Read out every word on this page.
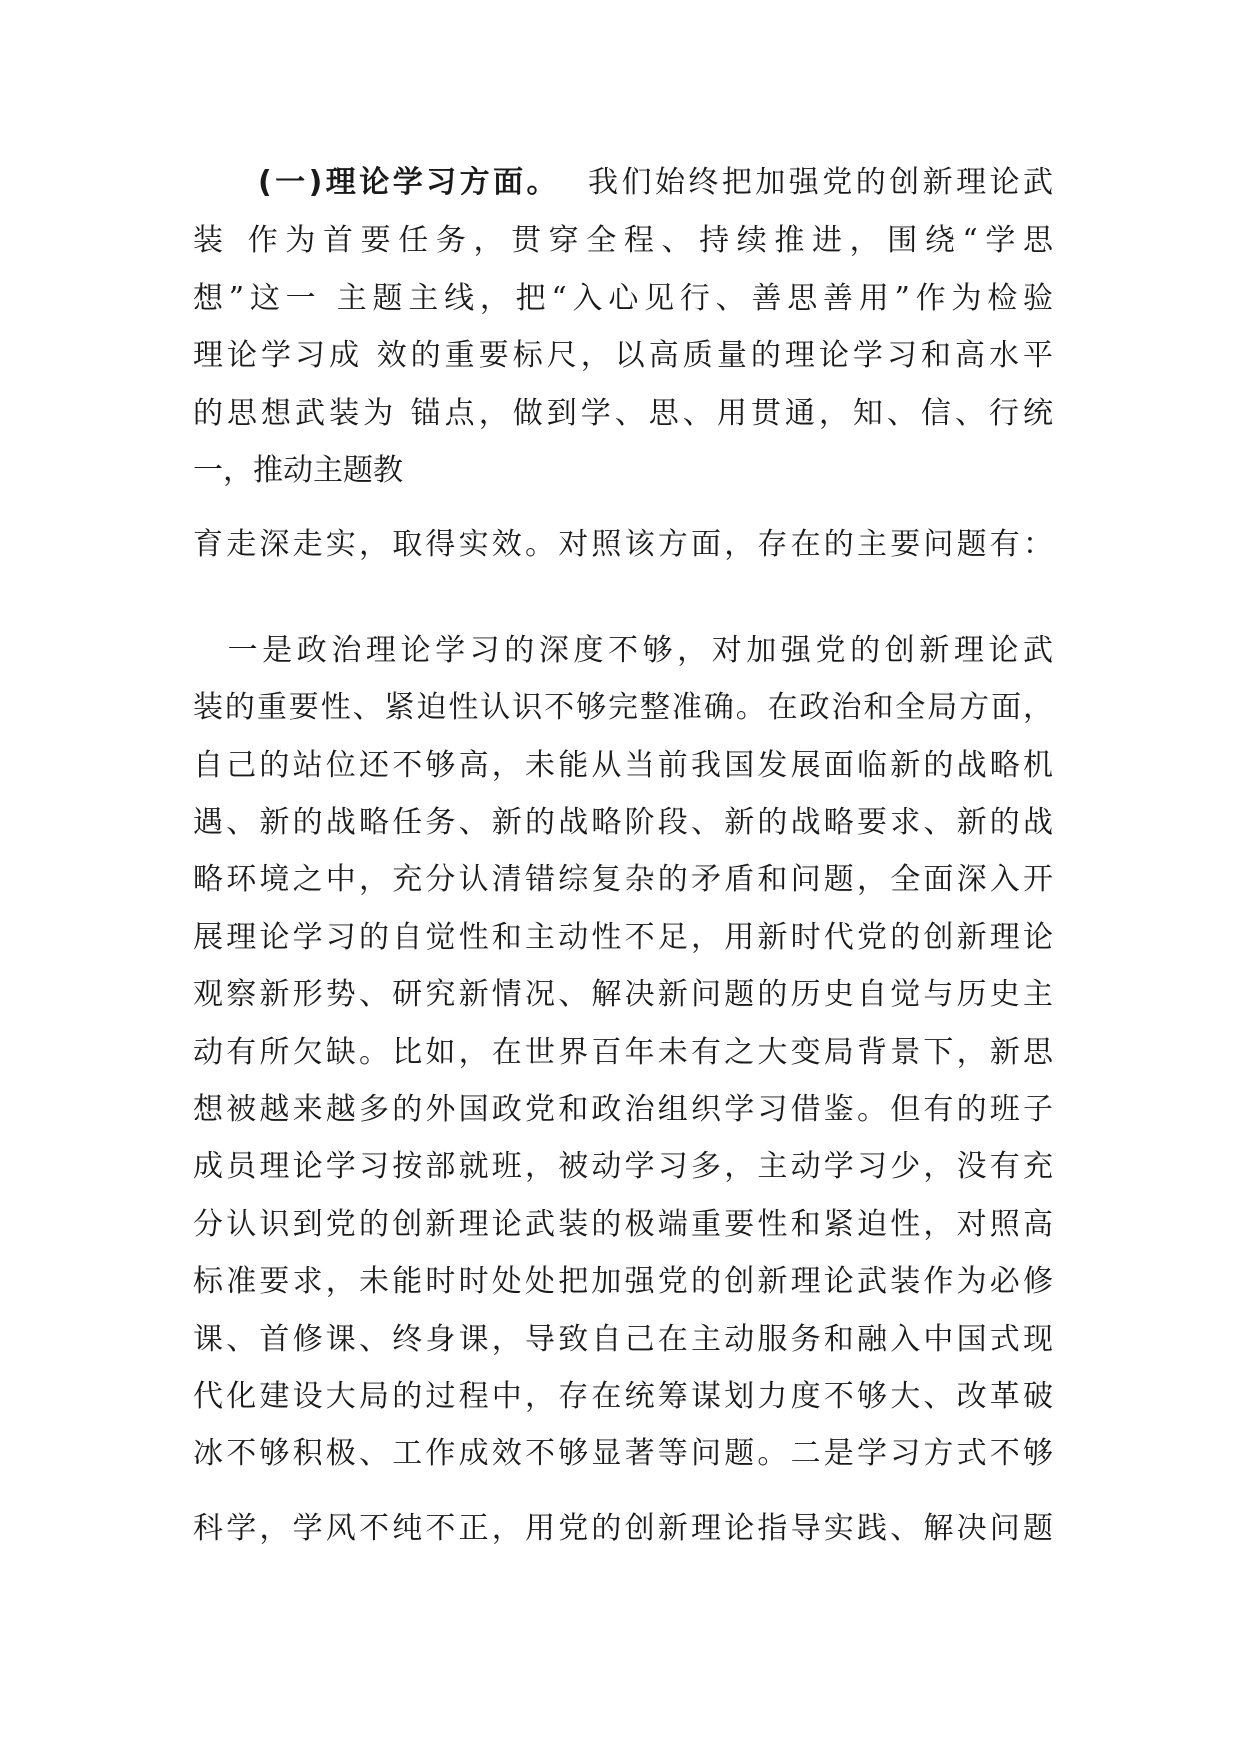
(一)理论学习方面。 我们始终把加强党的创新理论武
装 作为首要任务，贯穿全程、持续推进，围绕“学思
想”这一 主题主线，把“入心见行、善思善用”作为检验
理论学习成 效的重要标尺，以高质量的理论学习和高水平
的思想武装为 锚点，做到学、思、用贯通，知、信、行统
一，推动主题教
育走深走实，取得实效。对照该方面，存在的主要问题有：
　一是政治理论学习的深度不够，对加强党的创新理论武
装的重要性、紧迫性认识不够完整准确。在政治和全局方面，
自己的站位还不够高，未能从当前我国发展面临新的战略机
遇、新的战略任务、新的战略阶段、新的战略要求、新的战
略环境之中，充分认清错综复杂的矛盾和问题，全面深入开
展理论学习的自觉性和主动性不足，用新时代党的创新理论
观察新形势、研究新情况、解决新问题的历史自觉与历史主
动有所欠缺。比如，在世界百年未有之大变局背景下，新思
想被越来越多的外国政党和政治组织学习借鉴。但有的班子
成员理论学习按部就班，被动学习多，主动学习少，没有充
分认识到党的创新理论武装的极端重要性和紧迫性，对照高
标准要求，未能时时处处把加强党的创新理论武装作为必修
课、首修课、终身课，导致自己在主动服务和融入中国式现
代化建设大局的过程中，存在统筹谋划力度不够大、改革破
冰不够积极、工作成效不够显著等问题。二是学习方式不够
科学，学风不纯不正，用党的创新理论指导实践、解决问题
